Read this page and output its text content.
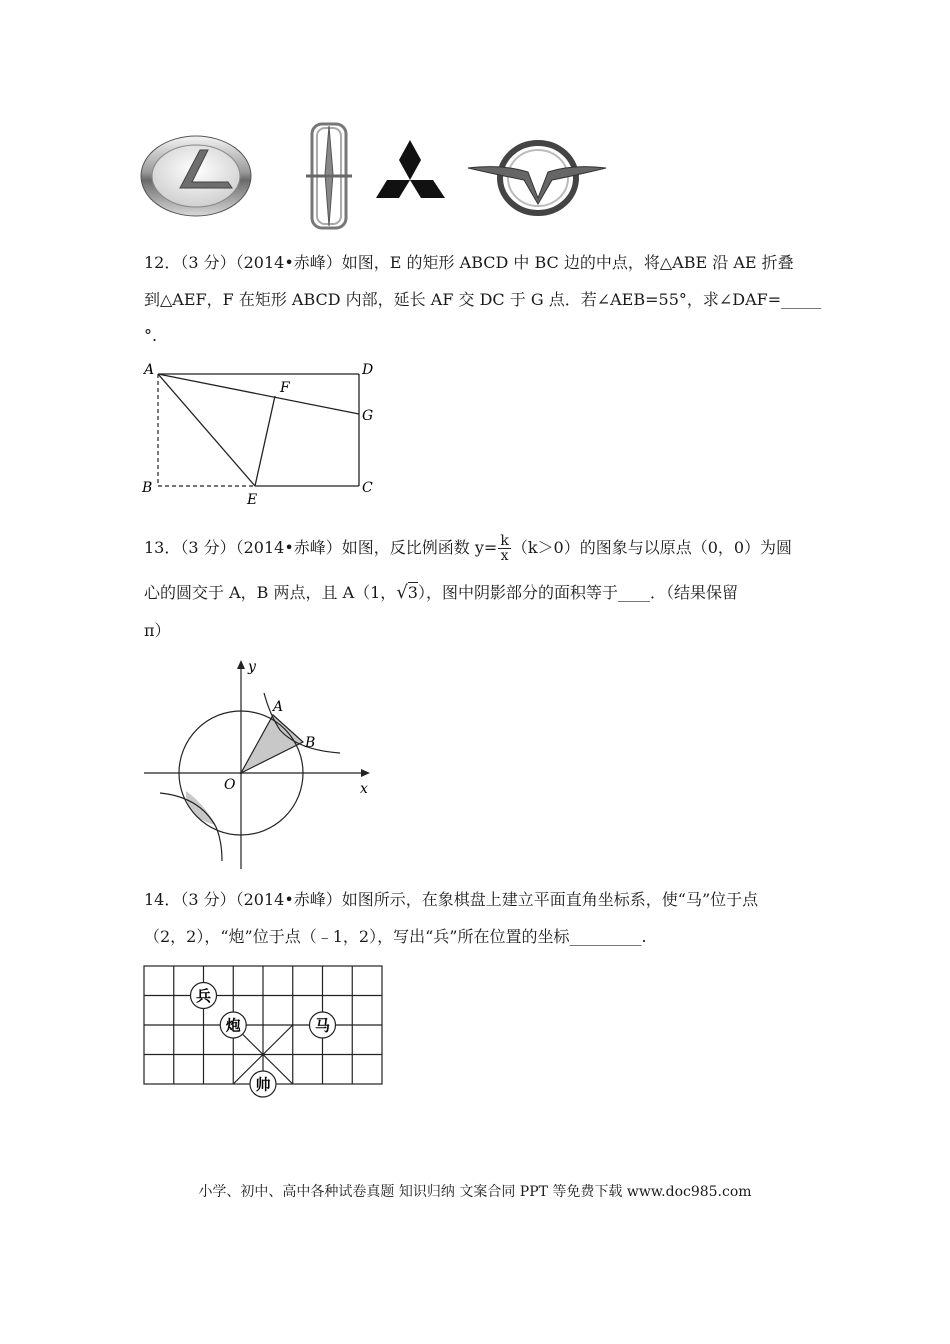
12．（3 分）（2014•赤峰）如图，E 的矩形 ABCD 中 BC 边的中点，将△ABE 沿 AE 折叠
到△AEF，F 在矩形 ABCD 内部，延长 AF 交 DC 于 G 点．若∠AEB=55°，求∠DAF=_____
°.
A	D
F
G
B
E
C
13．（3 分）（2014•赤峰）如图，反比例函数 $y= \frac{k}{x} (k>0)$的图象与以原点（0，0）为圆
心的圆交于 A，B 两点，且 A（1，√3），图中阴影部分的面积等于____．（结果保留
π）
y
x
O
A
B
14．（3 分）（2014•赤峰）如图所示，在象棋盘上建立平面直角坐标系，使“马”位于点
（2，2），“炮”位于点（﹣1，2），写出“兵”所在位置的坐标_________.
兵
炮	马
帅
小学、初中、高中各种试卷真题 知识归纳 文案合同 PPT 等免费下载 www.doc985.com
